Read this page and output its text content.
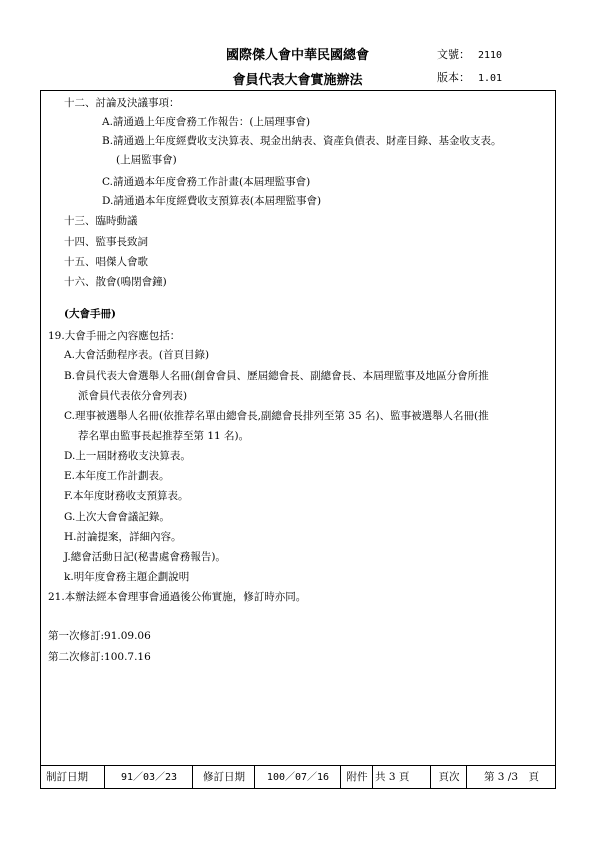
國際傑人會中華民國總會
會員代表大會實施辦法
文號： 2110
版本： 1.01
十二、討論及決議事項：
A.請通過上年度會務工作報告：(上屆理事會)
B.請通過上年度經費收支決算表、現金出納表、資產負債表、財產目錄、基金收支表。
(上屆監事會)
C.請通過本年度會務工作計畫(本屆理監事會)
D.請通過本年度經費收支預算表(本屆理監事會)
十三、臨時動議
十四、監事長致詞
十五、唱傑人會歌
十六、散會(鳴閉會鐘)
(大會手冊)
19.大會手冊之內容應包括：
A.大會活動程序表。(首頁目錄)
B.會員代表大會選舉人名冊(創會會員、歷屆總會長、副總會長、本屆理監事及地區分會所推
派會員代表依分會列表)
C.理事被選舉人名冊(依推荐名單由總會長,副總會長排列至第 35 名)、監事被選舉人名冊(推
荐名單由監事長起推荐至第 11 名)。
D.上一屆財務收支決算表。
E.本年度工作計劃表。
F.本年度財務收支預算表。
G.上次大會會議記錄。
H.討論提案，詳細內容。
J.總會活動日記(秘書處會務報告)。
k.明年度會務主題企劃說明
21.本辦法經本會理事會通過後公佈實施，修訂時亦同。
第一次修訂:91.09.06
第二次修訂:100.7.16
制訂日期	91／03／23	修訂日期	100／07／16	附件 共 3 頁	頁次	第 3 /3　頁
